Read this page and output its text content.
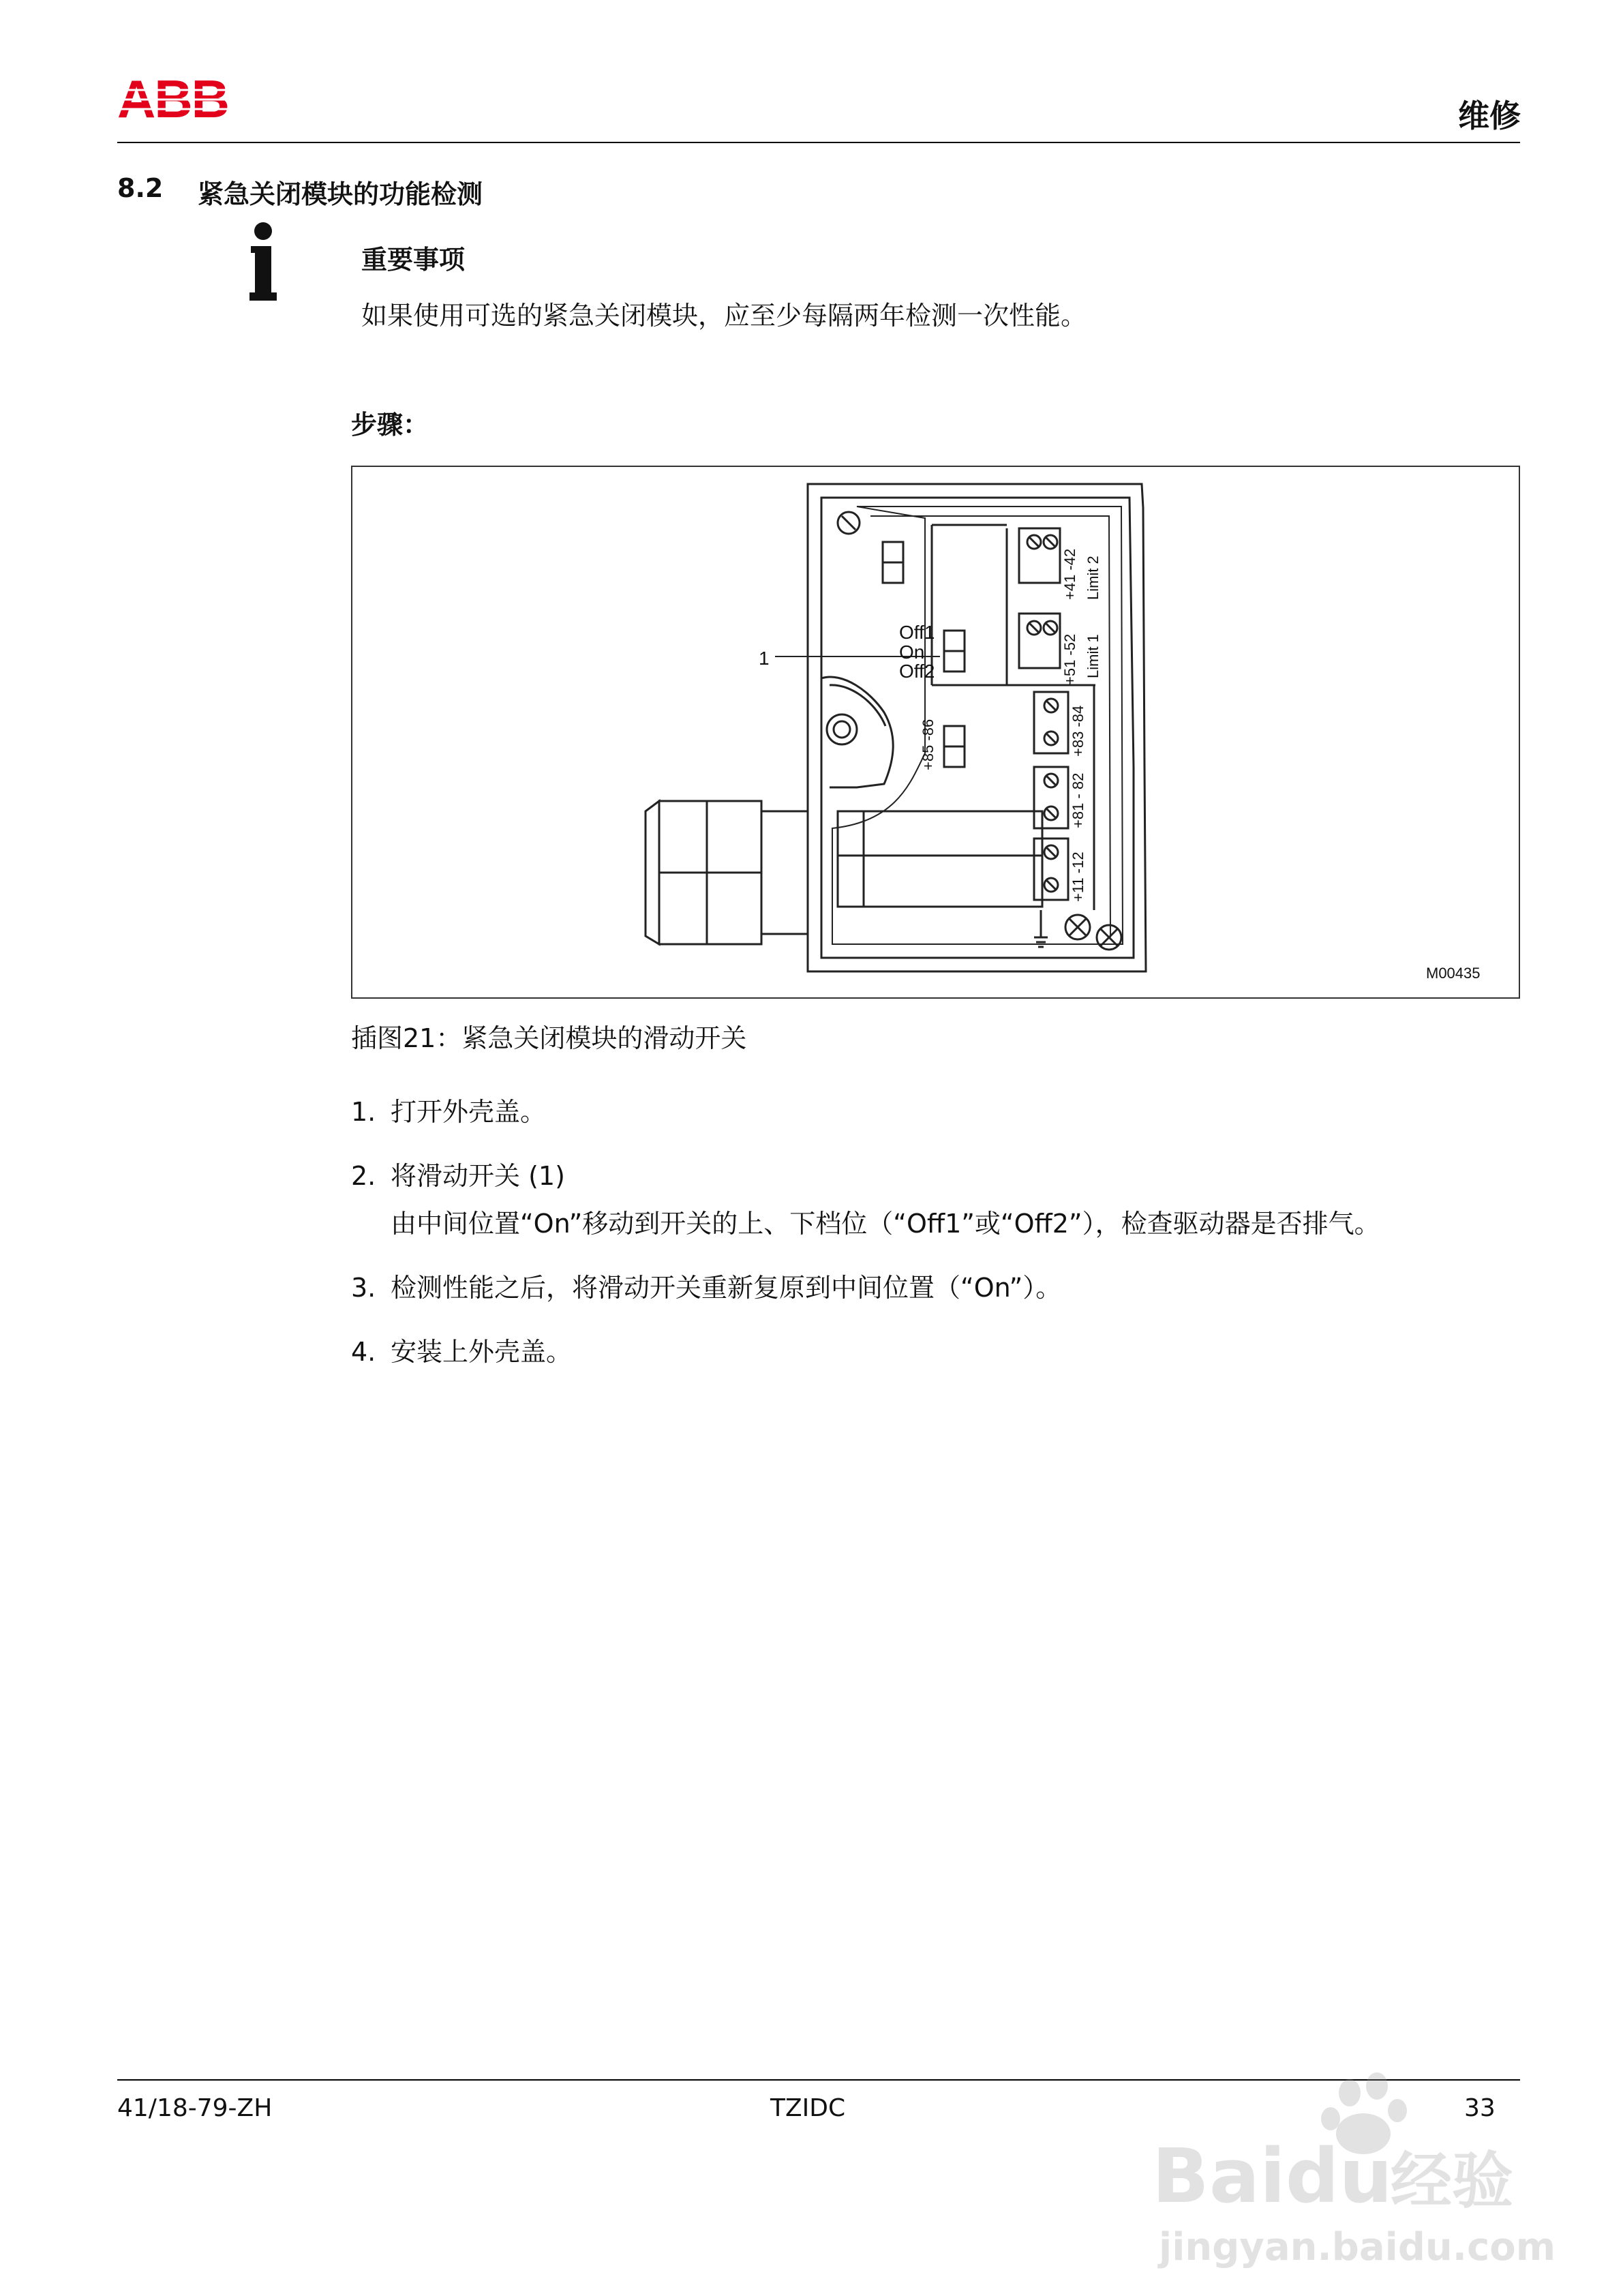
ABB	维修
8.2 紧急关闭模块的功能检测
重要事项
如果使用可选的紧急关闭模块，应至少每隔两年检测一次性能。
步骤：
1
Off1
On
Off2
+41 -42
+51 -52
+83 -84
+81 - 82
+11 -12
+85 -86
Limit 2
Limit 1
M00435
插图21：紧急关闭模块的滑动开关
1. 打开外壳盖。
2. 将滑动开关 (1)
由中间位置“On”移动到开关的上、下档位（“Off1”或“Off2”），检查驱动器是否排气。
3. 检测性能之后，将滑动开关重新复原到中间位置（“On”）。
4. 安装上外壳盖。
41/18-79-ZH	TZIDC	33
Baidu
经验
jingyan.baidu.com
